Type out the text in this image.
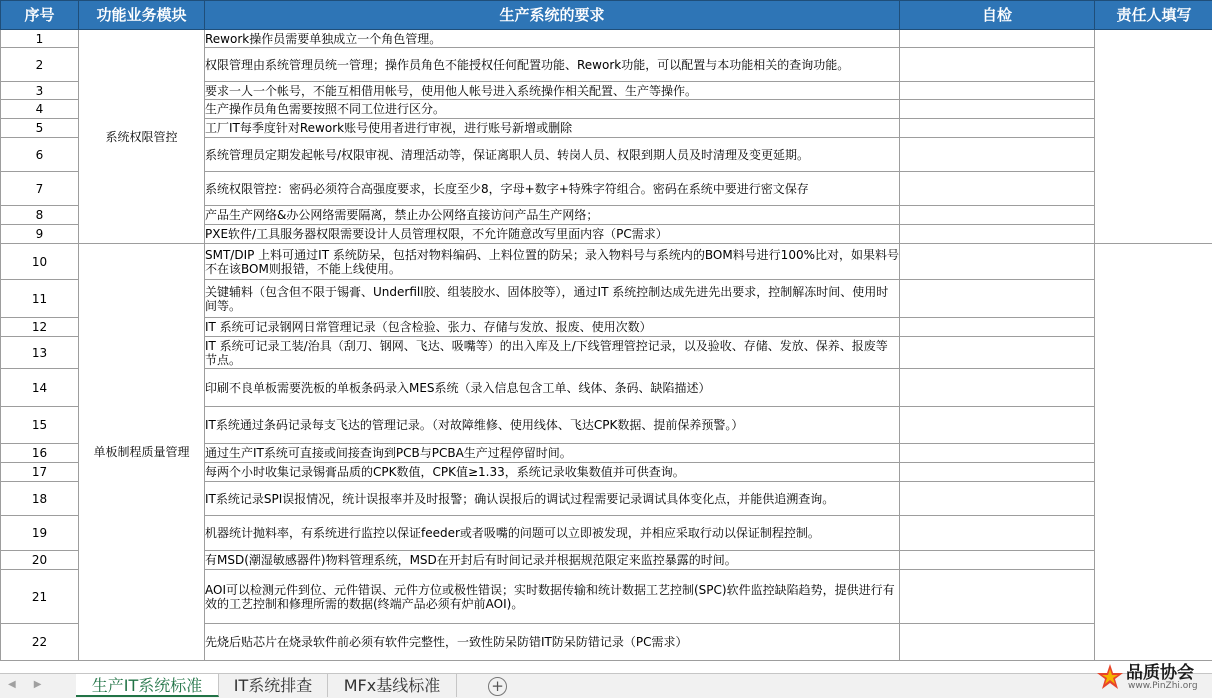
序号	功能业务模块	生产系统的要求	自检	责任人填写
1	系统权限管控	Rework操作员需要单独成立一个角色管理。		
2		权限管理由系统管理员统一管理；操作员角色不能授权任何配置功能、Rework功能，可以配置与本功能相关的查询功能。		
3		要求一人一个帐号，不能互相借用帐号，使用他人帐号进入系统操作相关配置、生产等操作。		
4		生产操作员角色需要按照不同工位进行区分。		
5		工厂IT每季度针对Rework账号使用者进行审视，进行账号新增或删除		
6		系统管理员定期发起帐号/权限审视、清理活动等，保证离职人员、转岗人员、权限到期人员及时清理及变更延期。		
7		系统权限管控：密码必须符合高强度要求，长度至少8，字母+数字+特殊字符组合。密码在系统中要进行密文保存		
8		产品生产网络&办公网络需要隔离，禁止办公网络直接访问产品生产网络；		
9		PXE软件/工具服务器权限需要设计人员管理权限，不允许随意改写里面内容（PC需求）		
10	单板制程质量管理	SMT/DIP 上料可通过IT 系统防呆，包括对物料编码、上料位置的防呆；录入物料号与系统内的BOM料号进行100%比对，如果料号不在该BOM则报错，不能上线使用。		
11		关键辅料（包含但不限于锡膏、Underfill胶、组装胶水、固体胶等），通过IT 系统控制达成先进先出要求，控制解冻时间、使用时间等。		
12		IT 系统可记录钢网日常管理记录（包含检验、张力、存储与发放、报废、使用次数）		
13		IT 系统可记录工装/治具（刮刀、钢网、飞达、吸嘴等）的出入库及上/下线管理管控记录，以及验收、存储、发放、保养、报废等节点。		
14		印刷不良单板需要洗板的单板条码录入MES系统（录入信息包含工单、线体、条码、缺陷描述）		
15		IT系统通过条码记录每支飞达的管理记录。（对故障维修、使用线体、飞达CPK数据、提前保养预警。）		
16		通过生产IT系统可直接或间接查询到PCB与PCBA生产过程停留时间。		
17		每两个小时收集记录锡膏品质的CPK数值，CPK值≥1.33，系统记录收集数值并可供查询。		
18		IT系统记录SPI误报情况，统计误报率并及时报警；确认误报后的调试过程需要记录调试具体变化点，并能供追溯查询。		
19		机器统计抛料率，有系统进行监控以保证feeder或者吸嘴的问题可以立即被发现，并相应采取行动以保证制程控制。		
20		有MSD(潮湿敏感器件)物料管理系统，MSD在开封后有时间记录并根据规范限定来监控暴露的时间。		
21		AOI可以检测元件到位、元件错误、元件方位或极性错误；实时数据传输和统计数据工艺控制(SPC)软件监控缺陷趋势，提供进行有效的工艺控制和修理所需的数据(终端产品必须有炉前AOI)。		
22		先烧后贴芯片在烧录软件前必须有软件完整性，一致性防呆防错IT防呆防错记录（PC需求）		
◀▶	生产IT系统标准	IT系统排查	MFx基线标准	+
品质协会
www.PinZhi.org
